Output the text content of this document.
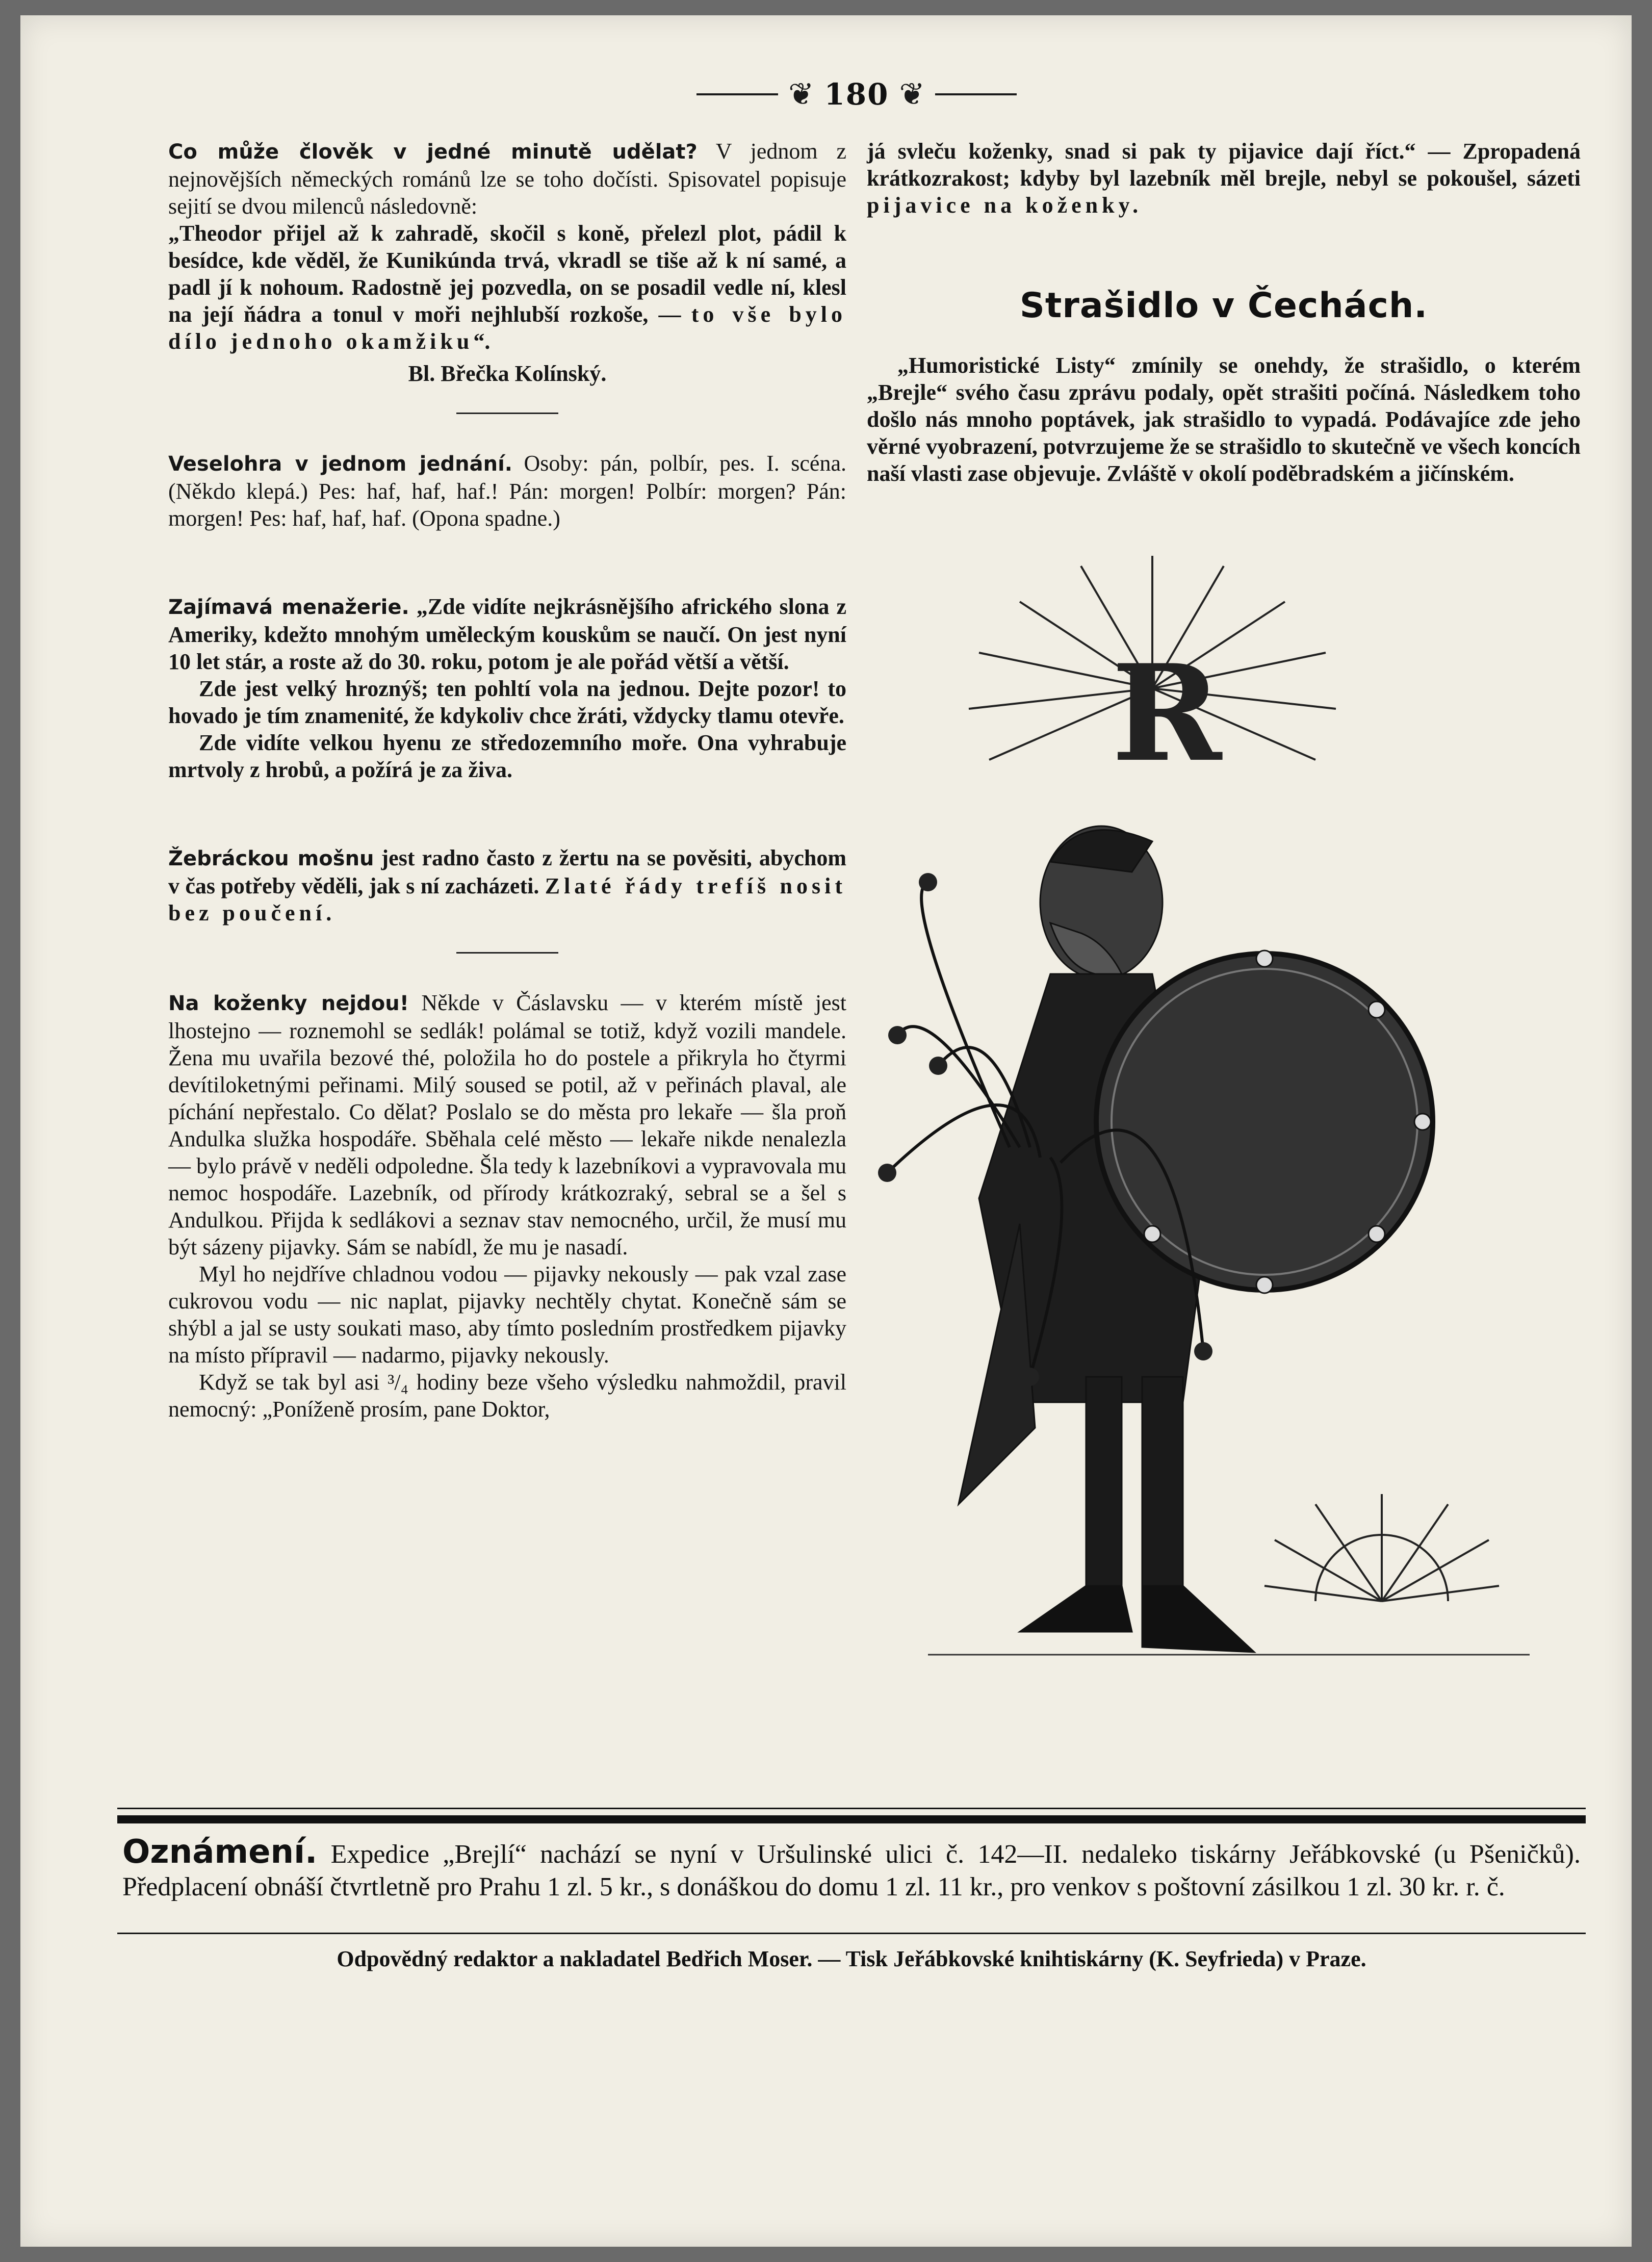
❦ 180 ❦

Co může člověk v jedné minutě udělat? V jednom z nejnovějších německých románů lze se toho dočísti. Spisovatel popisuje sejití se dvou milenců následovně:

„Theodor přijel až k zahradě, skočil s koně, přelezl plot, pádil k besídce, kde věděl, že Kunikúnda trvá, vkradl se tiše až k ní samé, a padl jí k nohoum. Radostně jej pozvedla, on se posadil vedle ní, klesl na její ňádra a tonul v moři nejhlubší rozkoše, — to vše bylo dílo jednoho okamžiku“.

Bl. Břečka Kolínský.

Veselohra v jednom jednání. Osoby: pán, polbír, pes. I. scéna. (Někdo klepá.) Pes: haf, haf, haf.! Pán: morgen! Polbír: morgen? Pán: morgen! Pes: haf, haf, haf. (Opona spadne.)

Zajímavá menažerie. „Zde vidíte nejkrásnějšího afrického slona z Ameriky, kdežto mnohým uměleckým kouskům se naučí. On jest nyní 10 let stár, a roste až do 30. roku, potom je ale pořád větší a větší.

Zde jest velký hroznýš; ten pohltí vola na jednou. Dejte pozor! to hovado je tím znamenité, že kdykoliv chce žráti, vždycky tlamu otevře.

Zde vidíte velkou hyenu ze středozemního moře. Ona vyhrabuje mrtvoly z hrobů, a požírá je za živa.

Žebráckou mošnu jest radno často z žertu na se pověsiti, abychom v čas potřeby věděli, jak s ní zacházeti. Zlaté řády trefíš nosit bez poučení.

Na koženky nejdou! Někde v Čáslavsku — v kterém místě jest lhostejno — roznemohl se sedlák! polámal se totiž, když vozili mandele. Žena mu uvařila bezové thé, položila ho do postele a přikryla ho čtyrmi devítiloketnými peřinami. Milý soused se potil, až v peřinách plaval, ale píchání nepřestalo. Co dělat? Poslalo se do města pro lekaře — šla proň Andulka služka hospodáře. Sběhala celé město — lekaře nikde nenalezla — bylo právě v neděli odpoledne. Šla tedy k lazebníkovi a vypravovala mu nemoc hospodáře. Lazebník, od přírody krátkozraký, sebral se a šel s Andulkou. Přijda k sedlákovi a seznav stav nemocného, určil, že musí mu být sázeny pijavky. Sám se nabídl, že mu je nasadí.

Myl ho nejdříve chladnou vodou — pijavky nekously — pak vzal zase cukrovou vodu — nic naplat, pijavky nechtěly chytat. Konečně sám se shýbl a jal se usty soukati maso, aby tímto posledním prostředkem pijavky na místo přípravil — nadarmo, pijavky nekously.

Když se tak byl asi ³/₄ hodiny beze všeho výsledku nahmoždil, pravil nemocný: „Poníženě prosím, pane Doktor,

já svleču koženky, snad si pak ty pijavice dají říct.“ — Zpropadená krátkozrakost; kdyby byl lazebník měl brejle, nebyl se pokoušel, sázeti pijavice na koženky.

Strašidlo v Čechách.

„Humoristické Listy“ zmínily se onehdy, že strašidlo, o kterém „Brejle“ svého času zprávu podaly, opět strašiti počíná. Následkem toho došlo nás mnoho poptávek, jak strašidlo to vypadá. Podávajíce zde jeho věrné vyobrazení, potvrzujeme že se strašidlo to skutečně ve všech koncích naší vlasti zase objevuje. Zvláště v okolí poděbradském a jičínském.

R
Oznámení. Expedice „Brejlí“ nachází se nyní v Uršulinské ulici č. 142—II. nedaleko tiskárny Jeřábkovské (u Pšeničků). Předplacení obnáší čtvrtletně pro Prahu 1 zl. 5 kr., s donáškou do domu 1 zl. 11 kr., pro venkov s poštovní zásilkou 1 zl. 30 kr. r. č.
Odpovědný redaktor a nakladatel Bedřich Moser. — Tisk Jeřábkovské knihtiskárny (K. Seyfrieda) v Praze.
